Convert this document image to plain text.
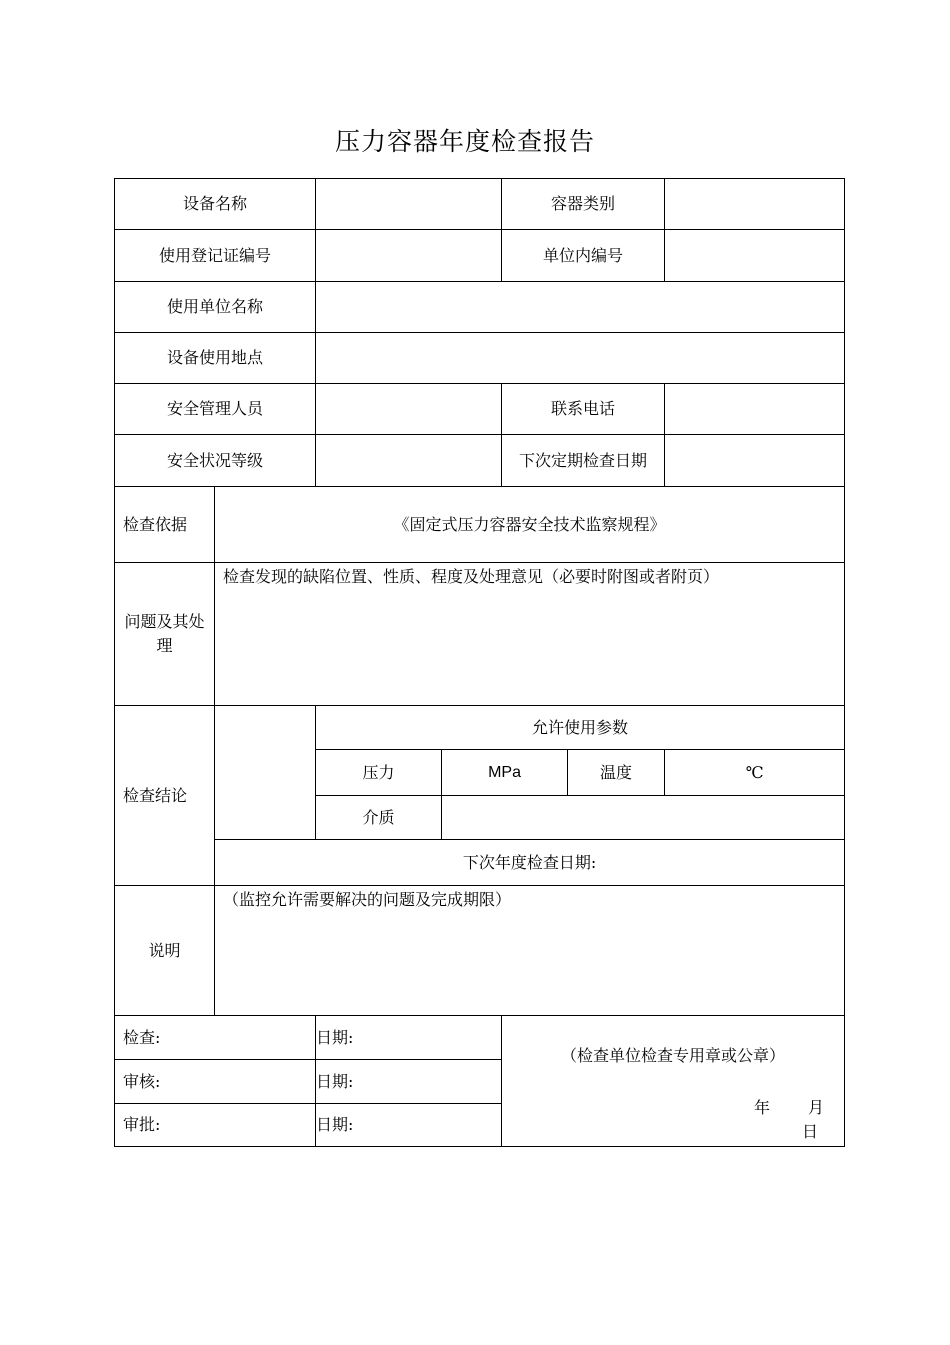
压力容器年度检查报告
设备名称				容器类别		
使用登记证编号				单位内编号		
使用单位名称						
设备使用地点						
安全管理人员				联系电话		
安全状况等级				下次定期检查日期		
检查依据	《固定式压力容器安全技术监察规程》					

问题及其处理	检查发现的缺陷位置、性质、程度及处理意见（必要时附图或者附页）					
检查结论		允许使用参数				
		压力	MPa		温度	℃
		介质				
	下次年度检查日期:					
说明	（监控允许需要解决的问题及完成期限）					
检查:		日期:		（检查单位检查专用章或公章）
年 月日		

审核:		日期:				
审批:		日期:				
